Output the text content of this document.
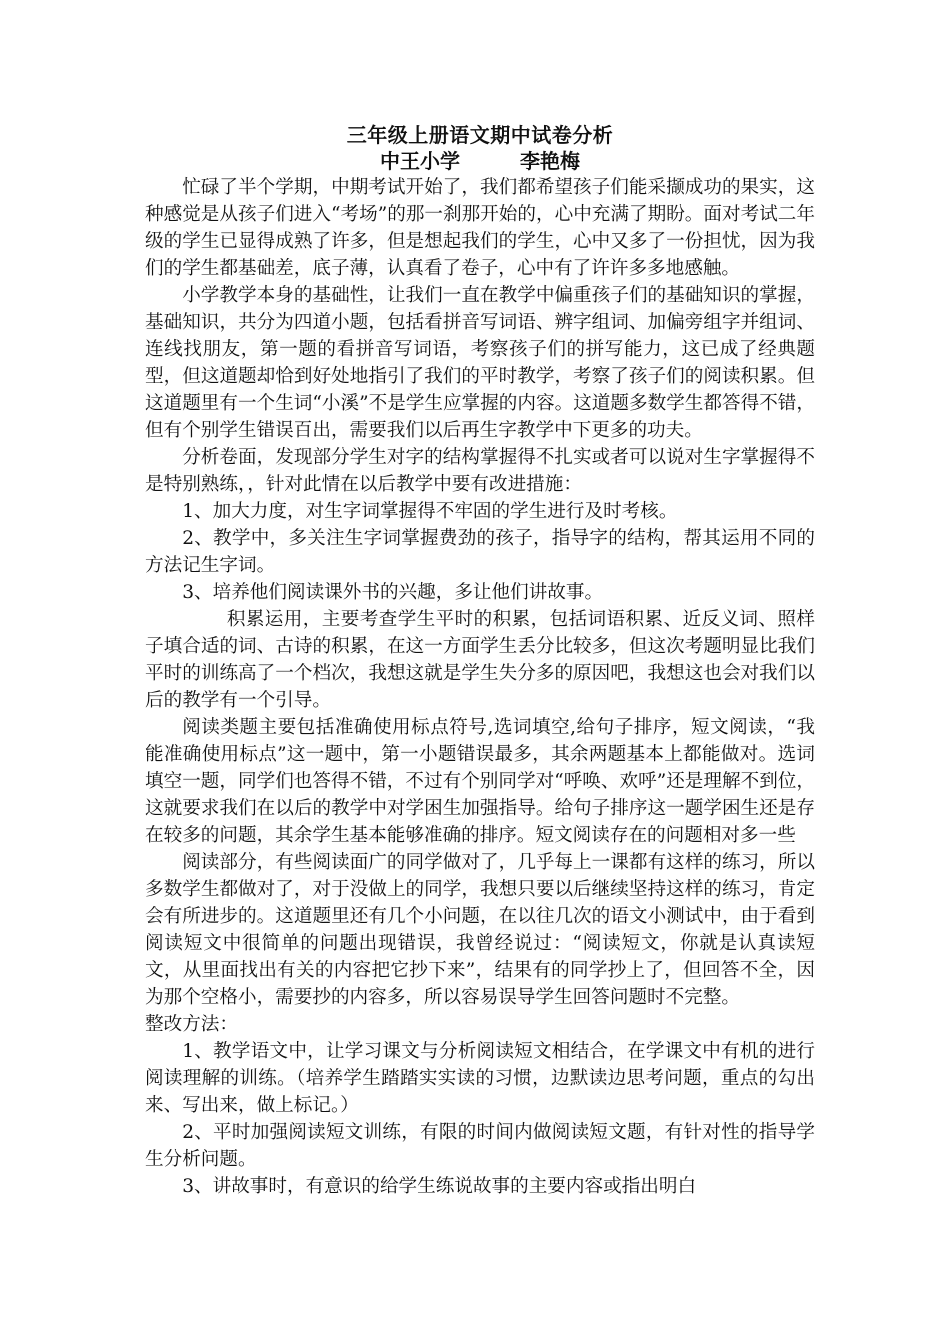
三年级上册语文期中试卷分析
中王小学	李艳梅

忙碌了半个学期，中期考试开始了，我们都希望孩子们能采撷成功的果实，这种感觉是从孩子们进入“考场”的那一刹那开始的，心中充满了期盼。面对考试二年级的学生已显得成熟了许多，但是想起我们的学生，心中又多了一份担忧，因为我们的学生都基础差，底子薄，认真看了卷子，心中有了许许多多地感触。

小学教学本身的基础性，让我们一直在教学中偏重孩子们的基础知识的掌握，基础知识，共分为四道小题，包括看拼音写词语、辨字组词、加偏旁组字并组词、连线找朋友，第一题的看拼音写词语，考察孩子们的拼写能力，这已成了经典题型，但这道题却恰到好处地指引了我们的平时教学，考察了孩子们的阅读积累。但这道题里有一个生词“小溪”不是学生应掌握的内容。这道题多数学生都答得不错，但有个别学生错误百出，需要我们以后再生字教学中下更多的功夫。

分析卷面，发现部分学生对字的结构掌握得不扎实或者可以说对生字掌握得不是特别熟练，，针对此情在以后教学中要有改进措施：

1、加大力度，对生字词掌握得不牢固的学生进行及时考核。

2、教学中，多关注生字词掌握费劲的孩子，指导字的结构，帮其运用不同的方法记生字词。

3、培养他们阅读课外书的兴趣，多让他们讲故事。

积累运用，主要考查学生平时的积累，包括词语积累、近反义词、照样子填合适的词、古诗的积累，在这一方面学生丢分比较多，但这次考题明显比我们平时的训练高了一个档次，我想这就是学生失分多的原因吧，我想这也会对我们以后的教学有一个引导。

阅读类题主要包括准确使用标点符号,选词填空,给句子排序，短文阅读，“我能准确使用标点”这一题中，第一小题错误最多，其余两题基本上都能做对。选词填空一题，同学们也答得不错，不过有个别同学对“呼唤、欢呼”还是理解不到位，这就要求我们在以后的教学中对学困生加强指导。给句子排序这一题学困生还是存在较多的问题，其余学生基本能够准确的排序。短文阅读存在的问题相对多一些

阅读部分，有些阅读面广的同学做对了，几乎每上一课都有这样的练习，所以多数学生都做对了，对于没做上的同学，我想只要以后继续坚持这样的练习，肯定会有所进步的。这道题里还有几个小问题，在以往几次的语文小测试中，由于看到阅读短文中很简单的问题出现错误，我曾经说过：“阅读短文，你就是认真读短文，从里面找出有关的内容把它抄下来”，结果有的同学抄上了，但回答不全，因为那个空格小，需要抄的内容多，所以容易误导学生回答问题时不完整。

整改方法：

1、教学语文中，让学习课文与分析阅读短文相结合，在学课文中有机的进行阅读理解的训练。（培养学生踏踏实实读的习惯，边默读边思考问题，重点的勾出来、写出来，做上标记。）

2、平时加强阅读短文训练，有限的时间内做阅读短文题，有针对性的指导学生分析问题。

3、讲故事时，有意识的给学生练说故事的主要内容或指出明白
